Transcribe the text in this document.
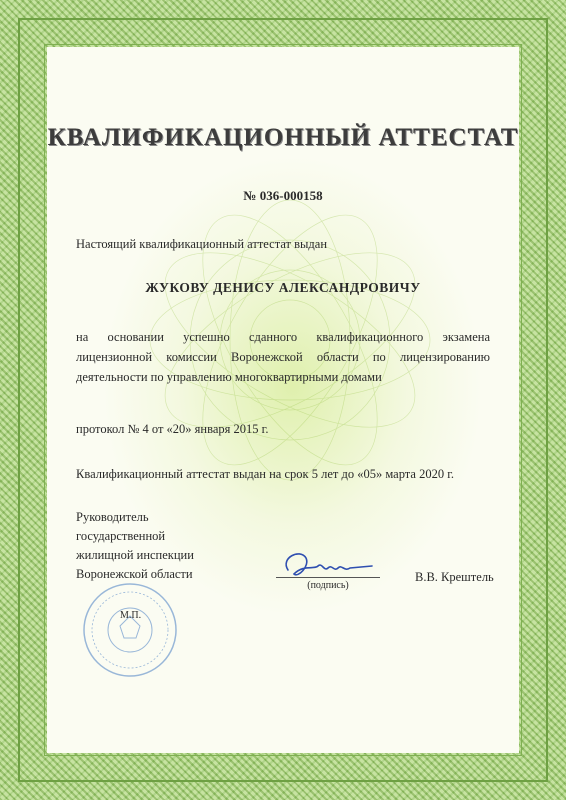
КВАЛИФИКАЦИОННЫЙ АТТЕСТАТ
№ 036-000158
Настоящий квалификационный аттестат выдан
ЖУКОВУ ДЕНИСУ АЛЕКСАНДРОВИЧУ
на основании успешно сданного квалификационного экзамена
лицензионной комиссии Воронежской области по лицензированию
деятельности по управлению многоквартирными домами
протокол № 4 от «20» января 2015 г.
Квалификационный аттестат выдан на срок 5 лет до «05» марта 2020 г.
Руководитель
государственной
жилищной инспекции
Воронежской области
М.П.
(подпись)
В.В. Крештель
